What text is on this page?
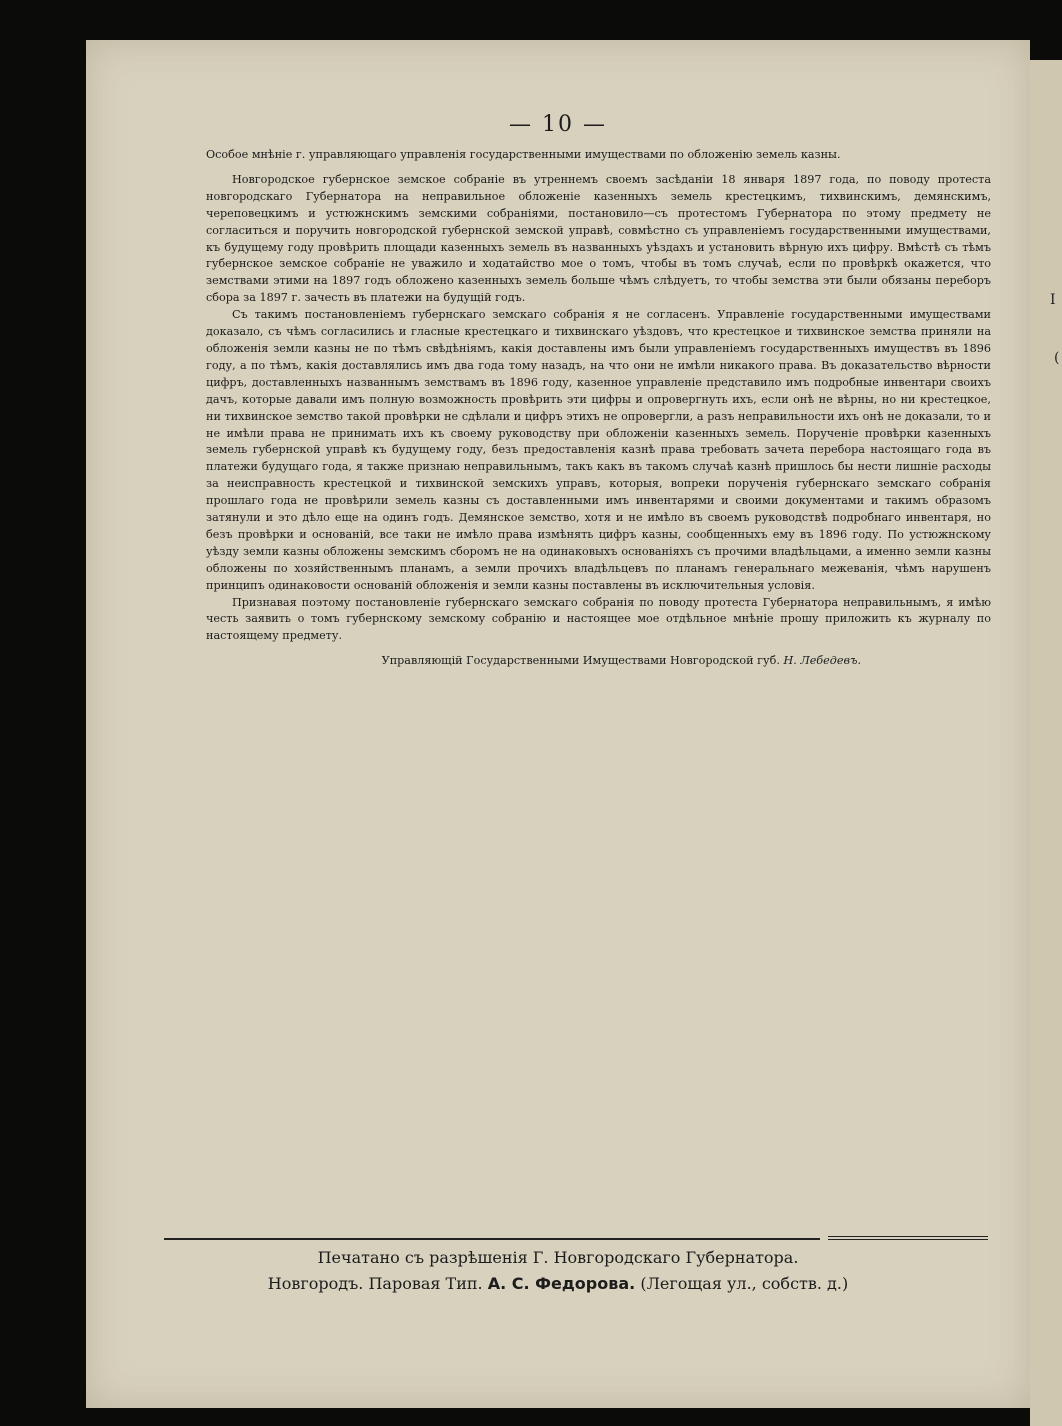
— 10 —

Особое мнѣніе г. управляющаго управленія государственными имуществами по обложенію земель казны.

Новгородское губернское земское собраніе въ утреннемъ своемъ засѣданіи 18 января 1897 года, по поводу протеста новгородскаго Губернатора на неправильное обложеніе казенныхъ земель крестецкимъ, тихвинскимъ, демянскимъ, череповецкимъ и устюжнскимъ земскими собраніями, постановило—съ протестомъ Губернатора по этому предмету не согласиться и поручить новгородской губернской земской управѣ, совмѣстно съ управленіемъ государственными имуществами, къ будущему году провѣрить площади казенныхъ земель въ названныхъ уѣздахъ и установить вѣрную ихъ цифру. Вмѣстѣ съ тѣмъ губернское земское собраніе не уважило и ходатайство мое о томъ, чтобы въ томъ случаѣ, если по провѣркѣ окажется, что земствами этими на 1897 годъ обложено казенныхъ земель больше чѣмъ слѣдуетъ, то чтобы земства эти были обязаны переборъ сбора за 1897 г. зачесть въ платежи на будущій годъ.

Съ такимъ постановленіемъ губернскаго земскаго собранія я не согласенъ. Управленіе государственными имуществами доказало, съ чѣмъ согласились и гласные крестецкаго и тихвинскаго уѣздовъ, что крестецкое и тихвинское земства приняли на обложенія земли казны не по тѣмъ свѣдѣніямъ, какія доставлены имъ были управленіемъ государственныхъ имуществъ въ 1896 году, а по тѣмъ, какія доставлялись имъ два года тому назадъ, на что они не имѣли никакого права. Въ доказательство вѣрности цифръ, доставленныхъ названнымъ земствамъ въ 1896 году, казенное управленіе представило имъ подробные инвентари своихъ дачъ, которые давали имъ полную возможность провѣрить эти цифры и опровергнуть ихъ, если онѣ не вѣрны, но ни крестецкое, ни тихвинское земство такой провѣрки не сдѣлали и цифръ этихъ не опровергли, а разъ неправильности ихъ онѣ не доказали, то и не имѣли права не принимать ихъ къ своему руководству при обложеніи казенныхъ земель. Порученіе провѣрки казенныхъ земель губернской управѣ къ будущему году, безъ предоставленія казнѣ права требовать зачета перебора настоящаго года въ платежи будущаго года, я также признаю неправильнымъ, такъ какъ въ такомъ случаѣ казнѣ пришлось бы нести лишніе расходы за неисправность крестецкой и тихвинской земскихъ управъ, которыя, вопреки порученія губернскаго земскаго собранія прошлаго года не провѣрили земель казны съ доставленными имъ инвентарями и своими документами и такимъ образомъ затянули и это дѣло еще на одинъ годъ. Демянское земство, хотя и не имѣло въ своемъ руководствѣ подробнаго инвентаря, но безъ провѣрки и основаній, все таки не имѣло права измѣнять цифръ казны, сообщенныхъ ему въ 1896 году. По устюжнскому уѣзду земли казны обложены земскимъ сборомъ не на одинаковыхъ основаніяхъ съ прочими владѣльцами, а именно земли казны обложены по хозяйственнымъ планамъ, а земли прочихъ владѣльцевъ по планамъ генеральнаго межеванія, чѣмъ нарушенъ принципъ одинаковости основаній обложенія и земли казны поставлены въ исключительныя условія.

Признавая поэтому постановленіе губернскаго земскаго собранія по поводу протеста Губернатора неправильнымъ, я имѣю честь заявить о томъ губернскому земскому собранію и настоящее мое отдѣльное мнѣніе прошу приложить къ журналу по настоящему предмету.

Управляющій Государственными Имуществами Новгородской губ. Н. Лебедевъ.

Печатано съ разрѣшенія Г. Новгородскаго Губернатора.
Новгородъ. Паровая Тип. А. С. Федорова. (Легощая ул., собств. д.)
I
(
